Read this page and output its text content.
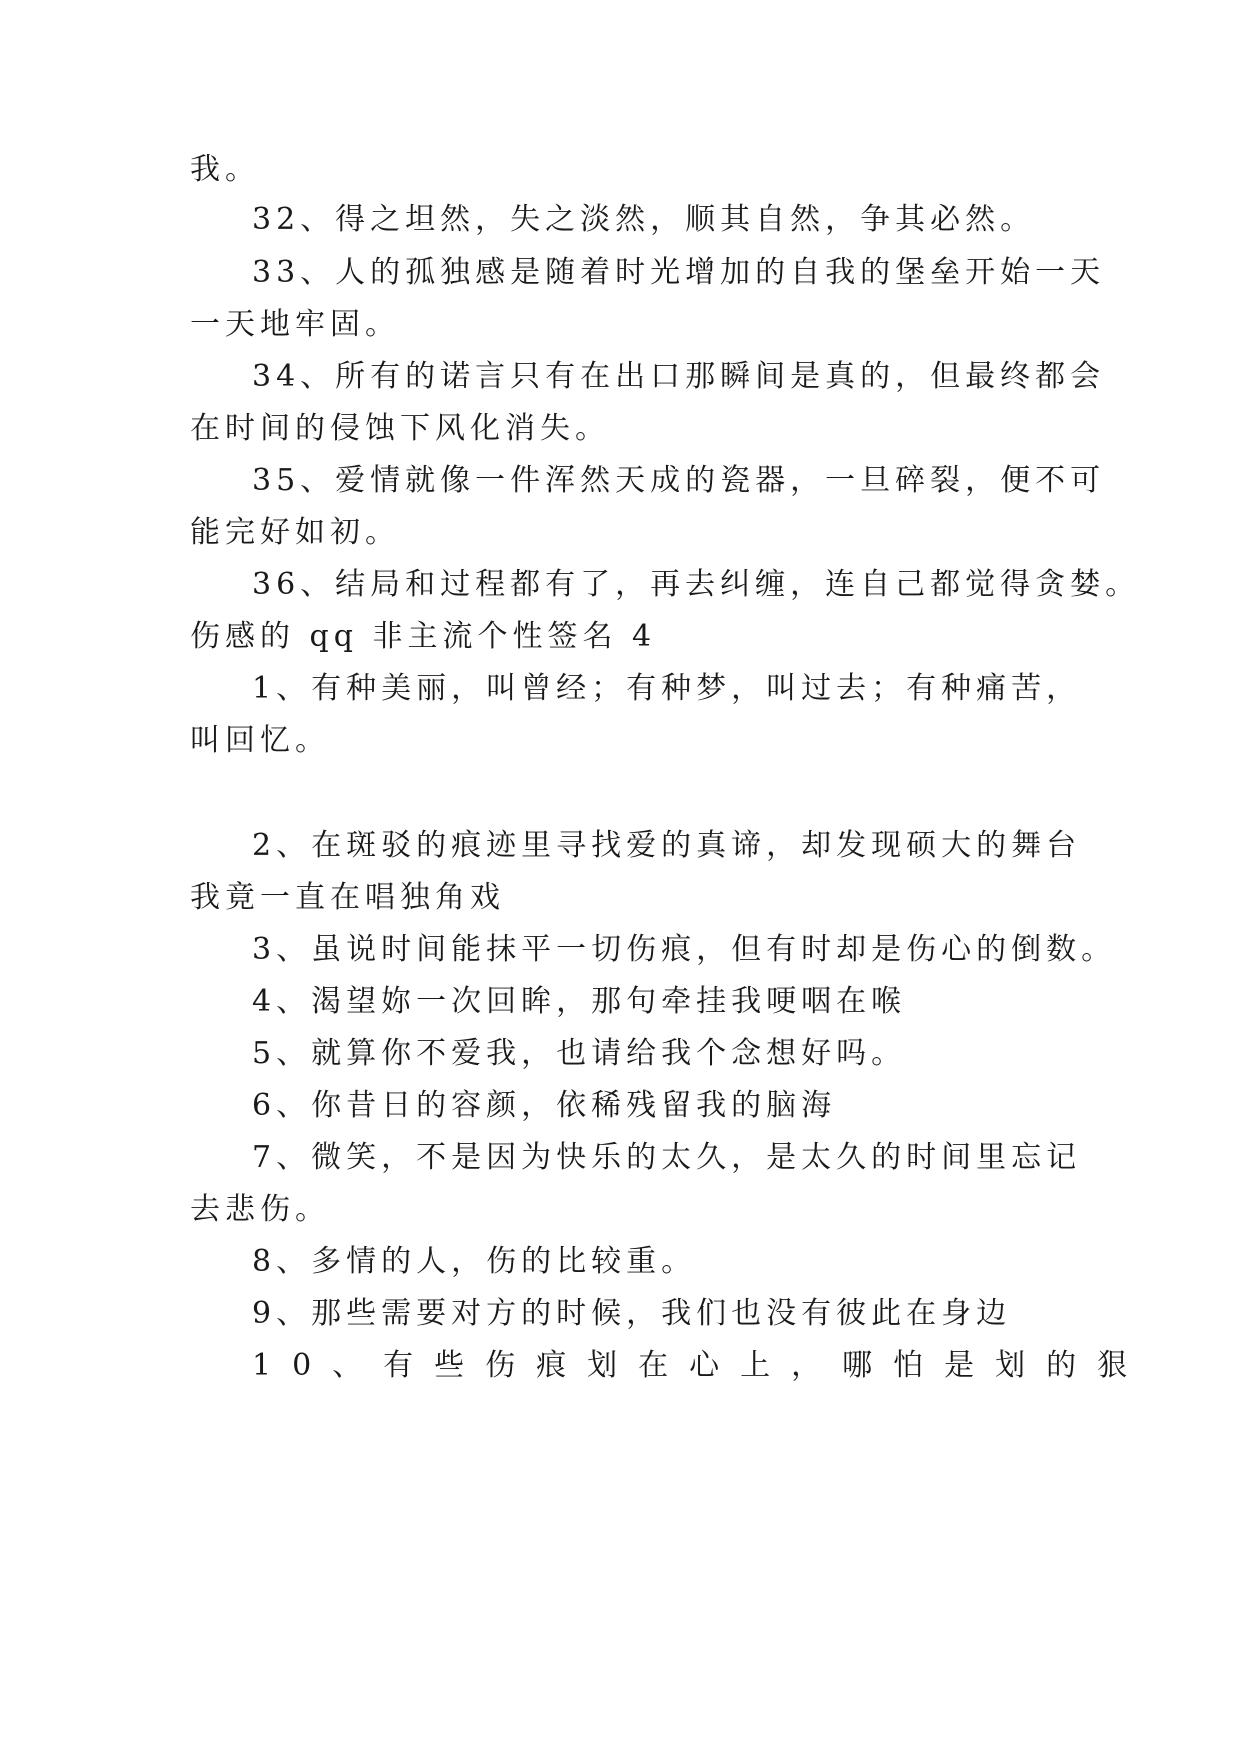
我。
32、得之坦然，失之淡然，顺其自然，争其必然。
33、人的孤独感是随着时光增加的自我的堡垒开始一天
一天地牢固。
34、所有的诺言只有在出口那瞬间是真的，但最终都会
在时间的侵蚀下风化消失。
35、爱情就像一件浑然天成的瓷器，一旦碎裂，便不可
能完好如初。
36、结局和过程都有了，再去纠缠，连自己都觉得贪婪。
伤感的 qq 非主流个性签名 4
1、有种美丽，叫曾经；有种梦，叫过去；有种痛苦，
叫回忆。
2、在斑驳的痕迹里寻找爱的真谛，却发现硕大的舞台
我竟一直在唱独角戏
3、虽说时间能抹平一切伤痕，但有时却是伤心的倒数。
4、渴望妳一次回眸，那句牵挂我哽咽在喉
5、就算你不爱我，也请给我个念想好吗。
6、你昔日的容颜，依稀残留我的脑海
7、微笑，不是因为快乐的太久，是太久的时间里忘记
去悲伤。
8、多情的人，伤的比较重。
9、那些需要对方的时候，我们也没有彼此在身边
10、有些伤痕划在心上，哪怕是划的狠
